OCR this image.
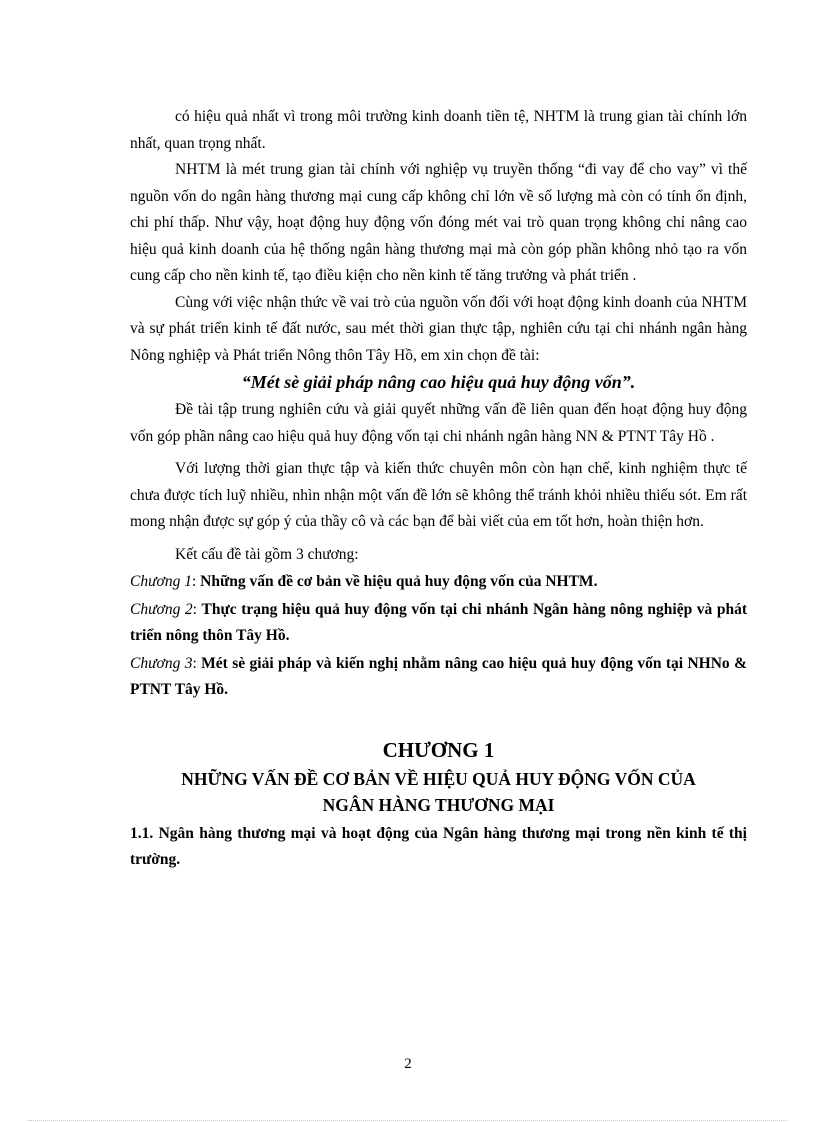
có hiệu quả nhất vì trong môi trường kinh doanh tiền tệ, NHTM là trung gian tài chính lớn nhất, quan trọng nhất.

NHTM là mét trung gian tài chính với nghiệp vụ truyền thống “đi vay để cho vay” vì thế nguồn vốn do ngân hàng thương mại cung cấp không chỉ lớn về số lượng mà còn có tính ổn định, chi phí thấp. Như vậy, hoạt động huy động vốn đóng mét vai trò quan trọng không chỉ nâng cao hiệu quả kinh doanh của hệ thống ngân hàng thương mại mà còn góp phần không nhỏ tạo ra vốn cung cấp cho nền kinh tế, tạo điều kiện cho nền kinh tế tăng trưởng và phát triển .

Cùng với việc nhận thức về vai trò của nguồn vốn đối với hoạt động kinh doanh của NHTM và sự phát triển kinh tế đất nước, sau mét thời gian thực tập, nghiên cứu tại chi nhánh ngân hàng Nông nghiệp và Phát triển Nông thôn Tây Hồ, em xin chọn đề tài:

“Mét sè giải pháp nâng cao hiệu quả huy động vốn”.

Đề tài tập trung nghiên cứu và giải quyết những vấn đề liên quan đến hoạt động huy động vốn góp phần nâng cao hiệu quả huy động vốn tại chi nhánh ngân hàng NN & PTNT Tây Hồ .

Với lượng thời gian thực tập và kiến thức chuyên môn còn hạn chế, kinh nghiệm thực tế chưa được tích luỹ nhiều, nhìn nhận một vấn đề lớn sẽ không thể tránh khỏi nhiều thiếu sót. Em rất mong nhận được sự góp ý của thầy cô và các bạn để bài viết của em tốt hơn, hoàn thiện hơn.

Kết cấu đề tài gồm 3 chương:

Chương 1: Những vấn đề cơ bản về hiệu quả huy động vốn của NHTM.

Chương 2: Thực trạng hiệu quả huy động vốn tại chi nhánh Ngân hàng nông nghiệp và phát triển nông thôn Tây Hồ.

Chương 3: Mét sè giải pháp và kiến nghị nhằm nâng cao hiệu quả huy động vốn tại NHNo & PTNT Tây Hồ.

CHƯƠNG 1
NHỮNG VẤN ĐỀ CƠ BẢN VỀ HIỆU QUẢ HUY ĐỘNG VỐN CỦA
NGÂN HÀNG THƯƠNG MẠI
1.1. Ngân hàng thương mại và hoạt động của Ngân hàng thương mại trong nền kinh tế thị trường.
2
